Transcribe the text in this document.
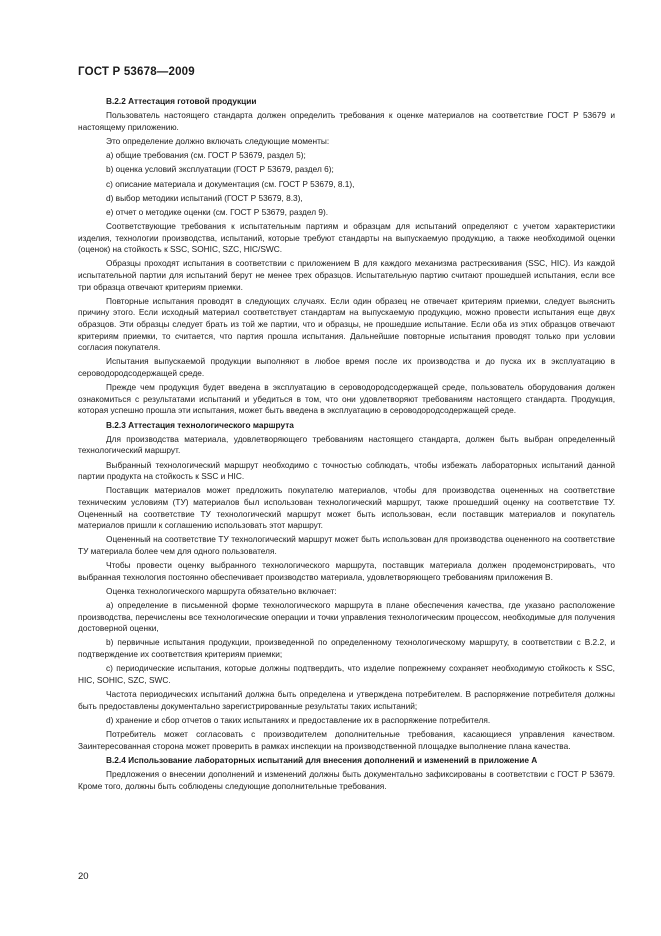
ГОСТ Р 53678—2009

В.2.2 Аттестация готовой продукции

Пользователь настоящего стандарта должен определить требования к оценке материалов на соответствие ГОСТ Р 53679 и настоящему приложению.

Это определение должно включать следующие моменты:

а) общие требования (см. ГОСТ Р 53679, раздел 5);

b) оценка условий эксплуатации (ГОСТ Р 53679, раздел 6);

с) описание материала и документация (см. ГОСТ Р 53679, 8.1),

d) выбор методики испытаний (ГОСТ Р 53679, 8.3),

е) отчет о методике оценки (см. ГОСТ Р 53679, раздел 9).

Соответствующие требования к испытательным партиям и образцам для испытаний определяют с учетом характеристики изделия, технологии производства, испытаний, которые требуют стандарты на выпускаемую продукцию, а также необходимой оценки (оценок) на стойкость к SSC, SOHIC, SZC, HIC/SWC.

Образцы проходят испытания в соответствии с приложением В для каждого механизма растрескивания (SSC, HIC). Из каждой испытательной партии для испытаний берут не менее трех образцов. Испытательную партию считают прошедшей испытания, если все три образца отвечают критериям приемки.

Повторные испытания проводят в следующих случаях. Если один образец не отвечает критериям приемки, следует выяснить причину этого. Если исходный материал соответствует стандартам на выпускаемую продукцию, можно провести испытания еще двух образцов. Эти образцы следует брать из той же партии, что и образцы, не прошедшие испытание. Если оба из этих образцов отвечают критериям приемки, то считается, что партия прошла испытания. Дальнейшие повторные испытания проводят только при условии согласия покупателя.

Испытания выпускаемой продукции выполняют в любое время после их производства и до пуска их в эксплуатацию в сероводородсодержащей среде.

Прежде чем продукция будет введена в эксплуатацию в сероводородсодержащей среде, пользователь оборудования должен ознакомиться с результатами испытаний и убедиться в том, что они удовлетворяют требованиям настоящего стандарта. Продукция, которая успешно прошла эти испытания, может быть введена в эксплуатацию в сероводородсодержащей среде.

В.2.3 Аттестация технологического маршрута

Для производства материала, удовлетворяющего требованиям настоящего стандарта, должен быть выбран определенный технологический маршрут.

Выбранный технологический маршрут необходимо с точностью соблюдать, чтобы избежать лабораторных испытаний данной партии продукта на стойкость к SSC и HIC.

Поставщик материалов может предложить покупателю материалов, чтобы для производства оцененных на соответствие техническим условиям (ТУ) материалов был использован технологический маршрут, также прошедший оценку на соответствие ТУ. Оцененный на соответствие ТУ технологический маршрут может быть использован, если поставщик материалов и покупатель материалов пришли к соглашению использовать этот маршрут.

Оцененный на соответствие ТУ технологический маршрут может быть использован для производства оцененного на соответствие ТУ материала более чем для одного пользователя.

Чтобы провести оценку выбранного технологического маршрута, поставщик материала должен продемонстрировать, что выбранная технология постоянно обеспечивает производство материала, удовлетворяющего требованиям приложения В.

Оценка технологического маршрута обязательно включает:

а) определение в письменной форме технологического маршрута в плане обеспечения качества, где указано расположение производства, перечислены все технологические операции и точки управления технологическим процессом, необходимые для получения достоверной оценки,

b) первичные испытания продукции, произведенной по определенному технологическому маршруту, в соответствии с В.2.2, и подтверждение их соответствия критериям приемки;

с) периодические испытания, которые должны подтвердить, что изделие попрежнему сохраняет необходимую стойкость к SSC, HIC, SOHIC, SZC, SWC.

Частота периодических испытаний должна быть определена и утверждена потребителем. В распоряжение потребителя должны быть предоставлены документально зарегистрированные результаты таких испытаний;

d) хранение и сбор отчетов о таких испытаниях и предоставление их в распоряжение потребителя.

Потребитель может согласовать с производителем дополнительные требования, касающиеся управления качеством. Заинтересованная сторона может проверить в рамках инспекции на производственной площадке выполнение плана качества.

В.2.4 Использование лабораторных испытаний для внесения дополнений и изменений в приложение А

Предложения о внесении дополнений и изменений должны быть документально зафиксированы в соответствии с ГОСТ Р 53679. Кроме того, должны быть соблюдены следующие дополнительные требования.

20
